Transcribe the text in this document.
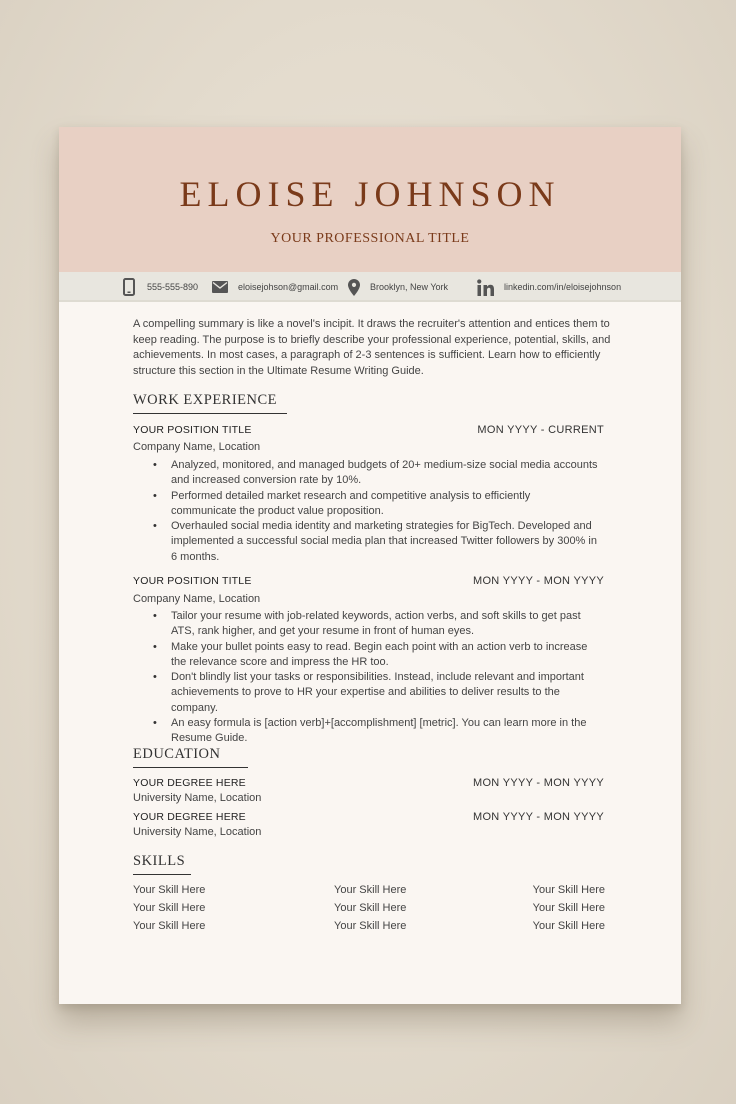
ELOISE JOHNSON
YOUR PROFESSIONAL TITLE
555-555-890	eloisejohson@gmail.com	Brooklyn, New York	linkedin.com/in/eloisejohnson

A compelling summary is like a novel's incipit. It draws the recruiter's attention and entices them to keep reading. The purpose is to briefly describe your professional experience, potential, skills, and achievements. In most cases, a paragraph of 2-3 sentences is sufficient. Learn how to efficiently structure this section in the Ultimate Resume Writing Guide.

WORK EXPERIENCE
YOUR POSITION TITLE	MON YYYY - CURRENT
Company Name, Location
• Analyzed, monitored, and managed budgets of 20+ medium-size social media accounts and increased conversion rate by 10%.
• Performed detailed market research and competitive analysis to efficiently communicate the product value proposition.
• Overhauled social media identity and marketing strategies for BigTech. Developed and implemented a successful social media plan that increased Twitter followers by 300% in 6 months.
YOUR POSITION TITLE	MON YYYY - MON YYYY
Company Name, Location
• Tailor your resume with job-related keywords, action verbs, and soft skills to get past ATS, rank higher, and get your resume in front of human eyes.
• Make your bullet points easy to read. Begin each point with an action verb to increase the relevance score and impress the HR too.
• Don't blindly list your tasks or responsibilities. Instead, include relevant and important achievements to prove to HR your expertise and abilities to deliver results to the company.
• An easy formula is [action verb]+[accomplishment] [metric]. You can learn more in the Resume Guide.
EDUCATION
YOUR DEGREE HERE	MON YYYY - MON YYYY
University Name, Location
YOUR DEGREE HERE	MON YYYY - MON YYYY
University Name, Location
SKILLS
Your Skill Here	Your Skill Here	Your Skill Here
Your Skill Here	Your Skill Here	Your Skill Here
Your Skill Here	Your Skill Here	Your Skill Here
